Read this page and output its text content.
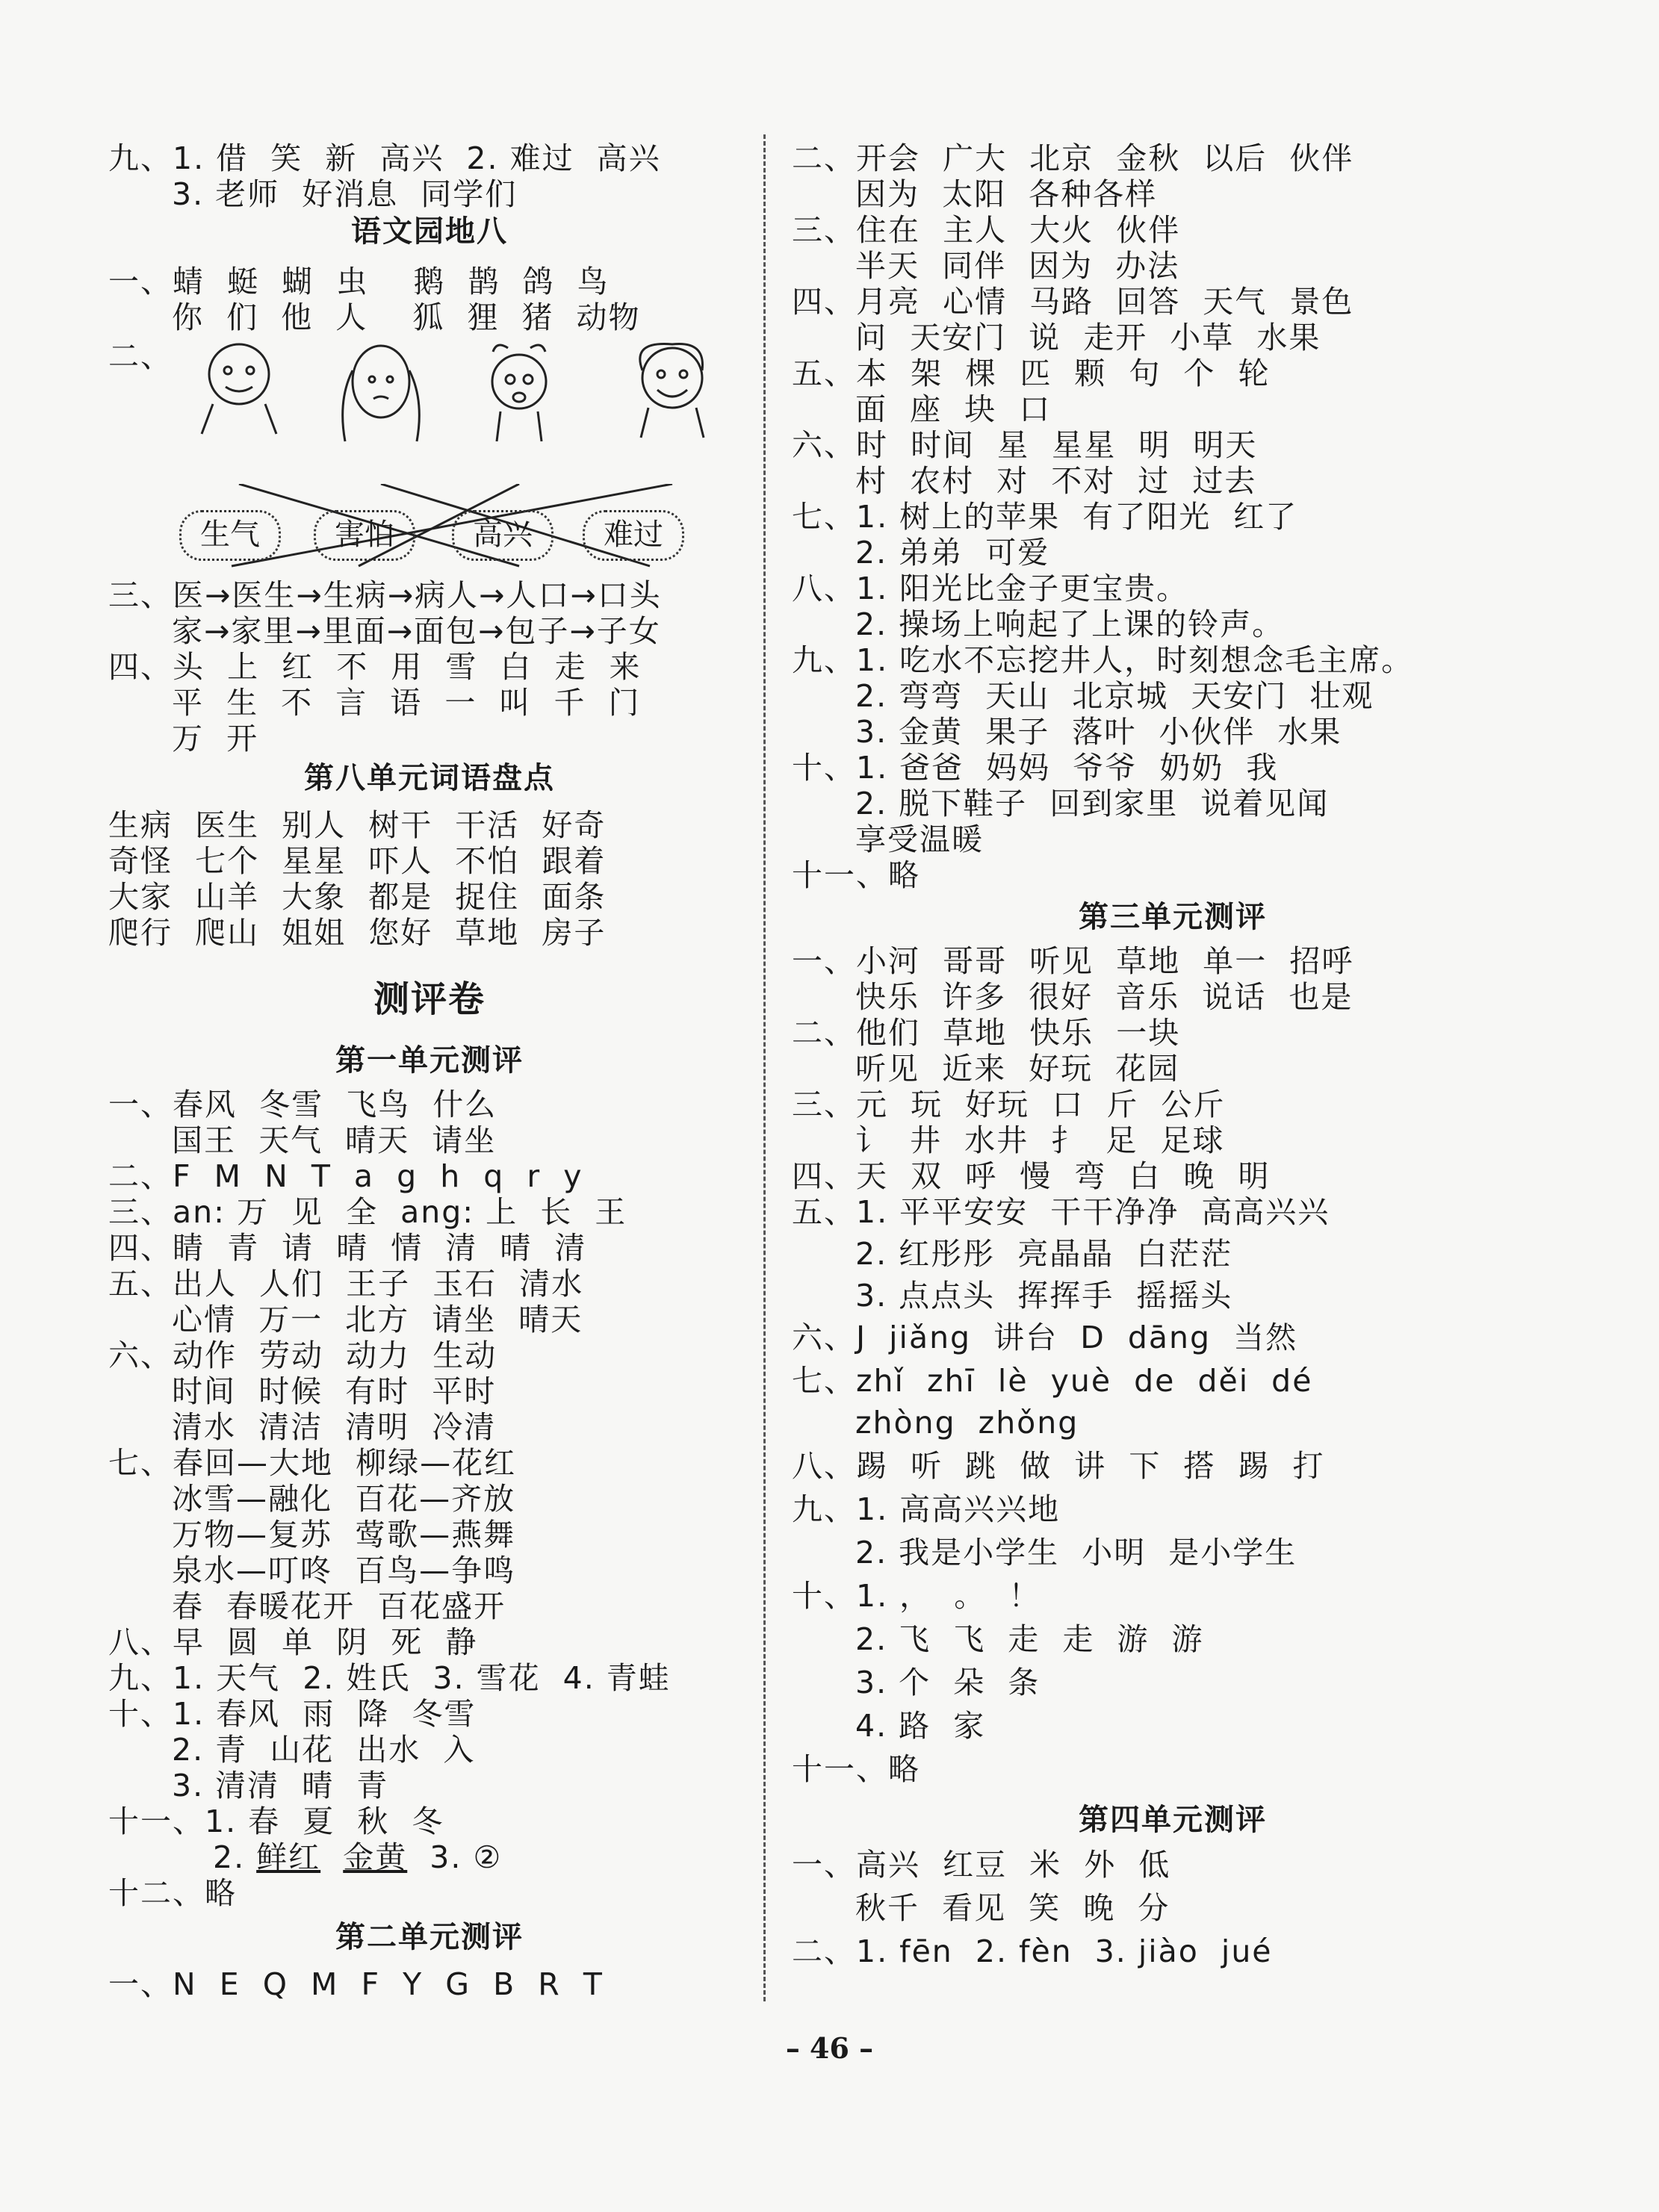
九、1. 借  笑  新  高兴  2. 难过  高兴
3. 老师  好消息  同学们
语文园地八
一、蜻  蜓  蝴  虫    鹅  鹊  鸽  鸟
你  们  他  人    狐  狸  猪  动物
二、
生气	害怕	高兴	难过
三、医→医生→生病→病人→人口→口头
家→家里→里面→面包→包子→子女
四、头  上  红  不  用  雪  白  走  来
平  生  不  言  语  一  叫  千  门
万  开
第八单元词语盘点
生病  医生  别人  树干  干活  好奇
奇怪  七个  星星  吓人  不怕  跟着
大家  山羊  大象  都是  捉住  面条
爬行  爬山  姐姐  您好  草地  房子
测评卷
第一单元测评
一、春风  冬雪  飞鸟  什么
国王  天气  晴天  请坐
二、F  M  N  T  a  g  h  q  r  y
三、an: 万  见  全  ang: 上  长  王
四、睛  青  请  晴  情  清  晴  清
五、出人  人们  王子  玉石  清水
心情  万一  北方  请坐  晴天
六、动作  劳动  动力  生动
时间  时候  有时  平时
清水  清洁  清明  冷清
七、春回—大地  柳绿—花红
冰雪—融化  百花—齐放
万物—复苏  莺歌—燕舞
泉水—叮咚  百鸟—争鸣
春  春暖花开  百花盛开
八、早  圆  单  阴  死  静
九、1. 天气  2. 姓氏  3. 雪花  4. 青蛙
十、1. 春风  雨  降  冬雪
2. 青  山花  出水  入
3. 清清  晴  青
十一、1. 春  夏  秋  冬
2. 鲜红 金黄  3. ②
十二、略
第二单元测评
一、N  E  Q  M  F  Y  G  B  R  T
二、开会  广大  北京  金秋  以后  伙伴
因为  太阳  各种各样
三、住在  主人  大火  伙伴
半天  同伴  因为  办法
四、月亮  心情  马路  回答  天气  景色
问  天安门  说  走开  小草  水果
五、本  架  棵  匹  颗  句  个  轮
面  座  块  口
六、时  时间  星  星星  明  明天
村  农村  对  不对  过  过去
七、1. 树上的苹果  有了阳光  红了
2. 弟弟  可爱
八、1. 阳光比金子更宝贵。
2. 操场上响起了上课的铃声。
九、1. 吃水不忘挖井人，时刻想念毛主席。
2. 弯弯  天山  北京城  天安门  壮观
3. 金黄  果子  落叶  小伙伴  水果
十、1. 爸爸  妈妈  爷爷  奶奶  我
2. 脱下鞋子  回到家里  说着见闻
享受温暖
十一、略
第三单元测评
一、小河  哥哥  听见  草地  单一  招呼
快乐  许多  很好  音乐  说话  也是
二、他们  草地  快乐  一块
听见  近来  好玩  花园
三、元  玩  好玩  口  斤  公斤
讠  井  水井  扌  足  足球
四、天  双  呼  慢  弯  白  晚  明
五、1. 平平安安  干干净净  高高兴兴
2. 红彤彤  亮晶晶  白茫茫
3. 点点头  挥挥手  摇摇头
六、J  jiǎng  讲台  D  dāng  当然
七、zhǐ  zhī  lè  yuè  de  děi  dé
zhòng  zhǒng
八、踢  听  跳  做  讲  下  搭  踢  打
九、1. 高高兴兴地
2. 我是小学生  小明  是小学生
十、1. ，  。  ！
2. 飞  飞  走  走  游  游
3. 个  朵  条
4. 路  家
十一、略
第四单元测评
一、高兴  红豆  米  外  低
秋千  看见  笑  晚  分
二、1. fēn  2. fèn  3. jiào  jué
– 46 –
